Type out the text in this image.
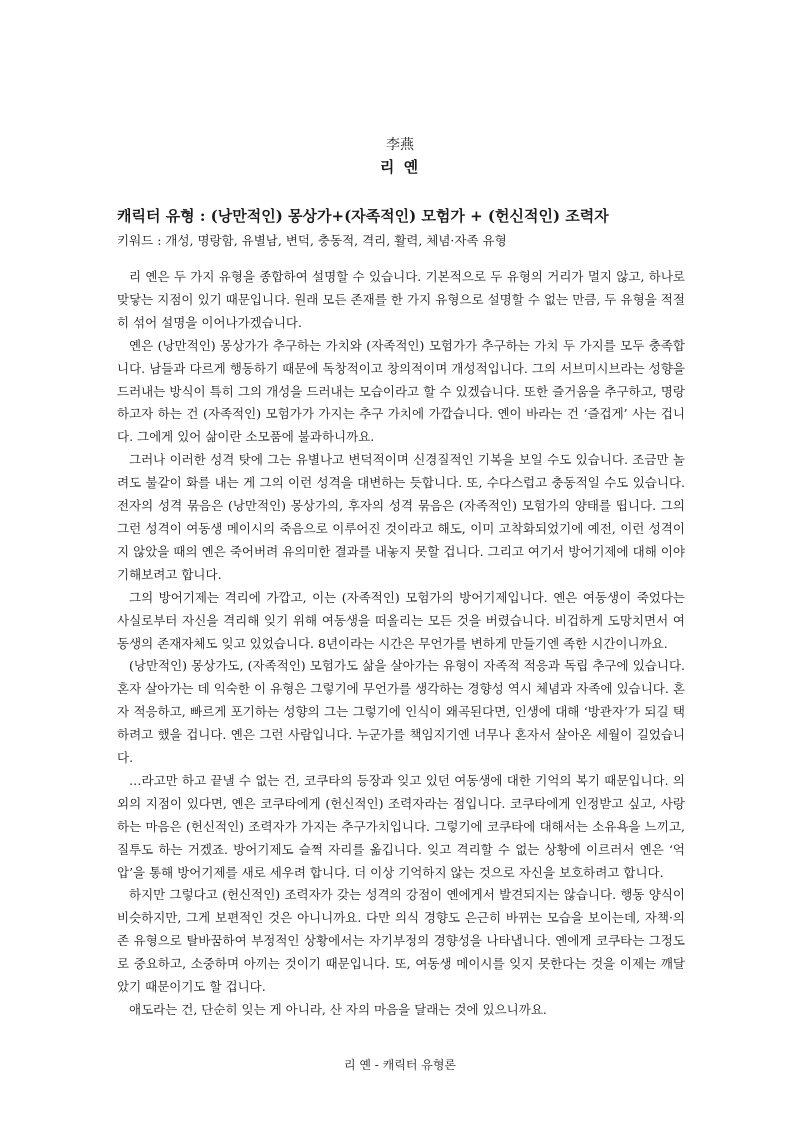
李燕
리 옌
캐릭터 유형 : (낭만적인) 몽상가+(자족적인) 모험가 + (헌신적인) 조력자
키워드 : 개성, 명랑함, 유별남, 변덕, 충동적, 격리, 활력, 체념·자족 유형

리 옌은 두 가지 유형을 종합하여 설명할 수 있습니다. 기본적으로 두 유형의 거리가 멀지 않고, 하나로 맞닿는 지점이 있기 때문입니다. 원래 모든 존재를 한 가지 유형으로 설명할 수 없는 만큼, 두 유형을 적절히 섞어 설명을 이어나가겠습니다.

옌은 (낭만적인) 몽상가가 추구하는 가치와 (자족적인) 모험가가 추구하는 가치 두 가지를 모두 충족합니다. 남들과 다르게 행동하기 때문에 독창적이고 창의적이며 개성적입니다. 그의 서브미시브라는 성향을 드러내는 방식이 특히 그의 개성을 드러내는 모습이라고 할 수 있겠습니다. 또한 즐거움을 추구하고, 명랑하고자 하는 건 (자족적인) 모험가가 가지는 추구 가치에 가깝습니다. 옌이 바라는 건 ‘즐겁게’ 사는 겁니다. 그에게 있어 삶이란 소모품에 불과하니까요.

그러나 이러한 성격 탓에 그는 유별나고 변덕적이며 신경질적인 기복을 보일 수도 있습니다. 조금만 놀려도 불같이 화를 내는 게 그의 이런 성격을 대변하는 듯합니다. 또, 수다스럽고 충동적일 수도 있습니다. 전자의 성격 묶음은 (낭만적인) 몽상가의, 후자의 성격 묶음은 (자족적인) 모험가의 양태를 띱니다. 그의 그런 성격이 여동생 메이시의 죽음으로 이루어진 것이라고 해도, 이미 고착화되었기에 예전, 이런 성격이지 않았을 때의 옌은 죽어버려 유의미한 결과를 내놓지 못할 겁니다. 그리고 여기서 방어기제에 대해 이야기해보려고 합니다.

그의 방어기제는 격리에 가깝고, 이는 (자족적인) 모험가의 방어기제입니다. 옌은 여동생이 죽었다는 사실로부터 자신을 격리해 잊기 위해 여동생을 떠올리는 모든 것을 버렸습니다. 비겁하게 도망치면서 여동생의 존재자체도 잊고 있었습니다. 8년이라는 시간은 무언가를 변하게 만들기엔 족한 시간이니까요.

(낭만적인) 몽상가도, (자족적인) 모험가도 삶을 살아가는 유형이 자족적 적응과 독립 추구에 있습니다. 혼자 살아가는 데 익숙한 이 유형은 그렇기에 무언가를 생각하는 경향성 역시 체념과 자족에 있습니다. 혼자 적응하고, 빠르게 포기하는 성향의 그는 그렇기에 인식이 왜곡된다면, 인생에 대해 ‘방관자’가 되길 택하려고 했을 겁니다. 옌은 그런 사람입니다. 누군가를 책임지기엔 너무나 혼자서 살아온 세월이 길었습니다.

…라고만 하고 끝낼 수 없는 건, 코쿠타의 등장과 잊고 있던 여동생에 대한 기억의 복기 때문입니다. 의외의 지점이 있다면, 옌은 코쿠타에게 (헌신적인) 조력자라는 점입니다. 코쿠타에게 인정받고 싶고, 사랑하는 마음은 (헌신적인) 조력자가 가지는 추구가치입니다. 그렇기에 코쿠타에 대해서는 소유욕을 느끼고, 질투도 하는 거겠죠. 방어기제도 슬쩍 자리를 옮깁니다. 잊고 격리할 수 없는 상황에 이르러서 옌은 ‘억압’을 통해 방어기제를 새로 세우려 합니다. 더 이상 기억하지 않는 것으로 자신을 보호하려고 합니다.

하지만 그렇다고 (헌신적인) 조력자가 갖는 성격의 강점이 옌에게서 발견되지는 않습니다. 행동 양식이 비슷하지만, 그게 보편적인 것은 아니니까요. 다만 의식 경향도 은근히 바뀌는 모습을 보이는데, 자책·의존 유형으로 탈바꿈하여 부정적인 상황에서는 자기부정의 경향성을 나타냅니다. 옌에게 코쿠타는 그정도로 중요하고, 소중하며 아끼는 것이기 때문입니다. 또, 여동생 메이시를 잊지 못한다는 것을 이제는 깨달았기 때문이기도 할 겁니다.

애도라는 건, 단순히 잊는 게 아니라, 산 자의 마음을 달래는 것에 있으니까요.

리 옌 - 캐릭터 유형론
